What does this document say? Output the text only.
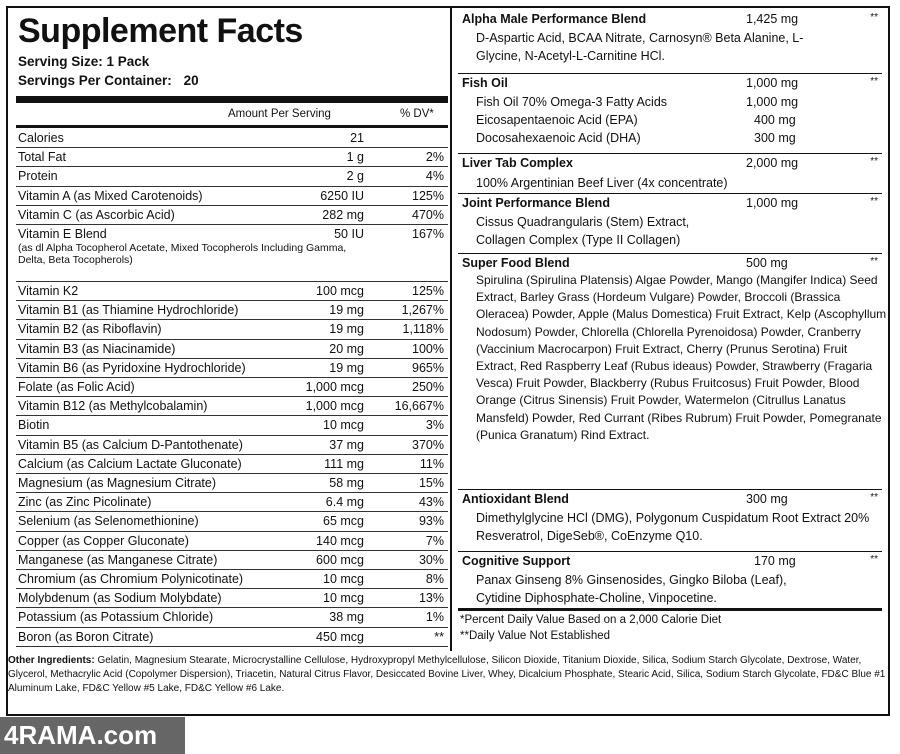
Supplement Facts
Serving Size: 1 Pack
Servings Per Container: 20
Amount Per Serving	% DV*
Calories	21
Total Fat	1 g	2%
Protein	2 g	4%
Vitamin A (as Mixed Carotenoids)	6250 IU	125%
Vitamin C (as Ascorbic Acid)	282 mg	470%
Vitamin E Blend	50 IU	167%
(as dl Alpha Tocopherol Acetate, Mixed Tocopherols Including Gamma, Delta, Beta Tocopherols)
Vitamin K2	100 mcg	125%
Vitamin B1 (as Thiamine Hydrochloride)	19 mg	1,267%
Vitamin B2 (as Riboflavin)	19 mg	1,118%
Vitamin B3 (as Niacinamide)	20 mg	100%
Vitamin B6 (as Pyridoxine Hydrochloride)	19 mg	965%
Folate (as Folic Acid)	1,000 mcg	250%
Vitamin B12 (as Methylcobalamin)	1,000 mcg 16,667%
Biotin	10 mcg	3%
Vitamin B5 (as Calcium D-Pantothenate)	37 mg	370%
Calcium (as Calcium Lactate Gluconate)	111 mg	11%
Magnesium (as Magnesium Citrate)	58 mg	15%
Zinc (as Zinc Picolinate)	6.4 mg	43%
Selenium (as Selenomethionine)	65 mcg	93%
Copper (as Copper Gluconate)	140 mcg	7%
Manganese (as Manganese Citrate)	600 mcg	30%
Chromium (as Chromium Polynicotinate)	10 mcg	8%
Molybdenum (as Sodium Molybdate)	10 mcg	13%
Potassium (as Potassium Chloride)	38 mg	1%
Boron (as Boron Citrate)	450 mcg	**
Alpha Male Performance Blend	1,425 mg	**
D-Aspartic Acid, BCAA Nitrate, Carnosyn® Beta Alanine, L-Glycine, N-Acetyl-L-Carnitine HCl.
Fish Oil	1,000 mg	**
Fish Oil 70% Omega-3 Fatty Acids	1,000 mg
Eicosapentaenoic Acid (EPA)	400 mg
Docosahexaenoic Acid (DHA)	300 mg
Liver Tab Complex	2,000 mg	**
100% Argentinian Beef Liver (4x concentrate)
Joint Performance Blend	1,000 mg	**
Cissus Quadrangularis (Stem) Extract, Collagen Complex (Type II Collagen)
Super Food Blend	500 mg	**
Spirulina (Spirulina Platensis) Algae Powder, Mango (Mangifer Indica) Seed Extract, Barley Grass (Hordeum Vulgare) Powder, Broccoli (Brassica Oleracea) Powder, Apple (Malus Domestica) Fruit Extract, Kelp (Ascophyllum Nodosum) Powder, Chlorella (Chlorella Pyrenoidosa) Powder, Cranberry (Vaccinium Macrocarpon) Fruit Extract, Cherry (Prunus Serotina) Fruit Extract, Red Raspberry Leaf (Rubus ideaus) Powder, Strawberry (Fragaria Vesca) Fruit Powder, Blackberry (Rubus Fruitcosus) Fruit Powder, Blood Orange (Citrus Sinensis) Fruit Powder, Watermelon (Citrullus Lanatus Mansfeld) Powder, Red Currant (Ribes Rubrum) Fruit Powder, Pomegranate (Punica Granatum) Rind Extract.
Antioxidant Blend	300 mg	**
Dimethylglycine HCl (DMG), Polygonum Cuspidatum Root Extract 20% Resveratrol, DigeSeb®, CoEnzyme Q10.
Cognitive Support	170 mg	**
Panax Ginseng 8% Ginsenosides, Gingko Biloba (Leaf), Cytidine Diphosphate-Choline, Vinpocetine.
*Percent Daily Value Based on a 2,000 Calorie Diet
**Daily Value Not Established
Other Ingredients: Gelatin, Magnesium Stearate, Microcrystalline Cellulose, Hydroxypropyl Methylcellulose, Silicon Dioxide, Titanium Dioxide, Silica, Sodium Starch Glycolate, Dextrose, Water, Glycerol, Methacrylic Acid (Copolymer Dispersion), Triacetin, Natural Citrus Flavor, Desiccated Bovine Liver, Whey, Dicalcium Phosphate, Stearic Acid, Silica, Sodium Starch Glycolate, FD&C Blue #1 Aluminum Lake, FD&C Yellow #5 Lake, FD&C Yellow #6 Lake.
4RAMA.com
